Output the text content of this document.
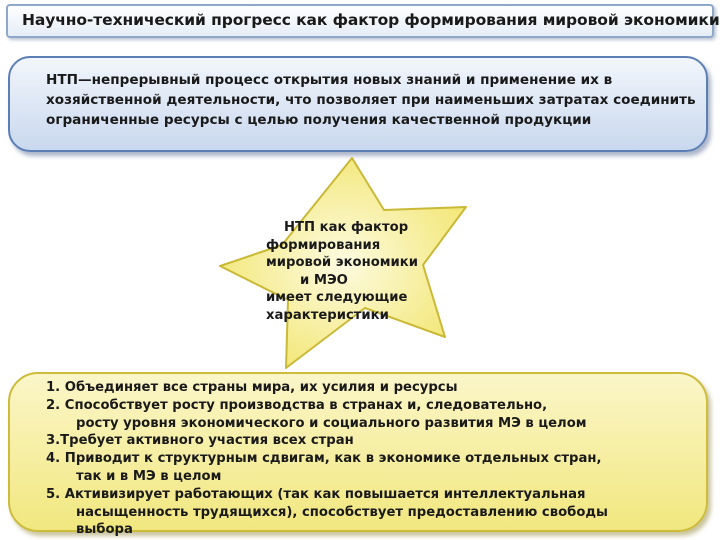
Научно-технический прогресс как фактор формирования мировой экономики
НТП—непрерывный процесс открытия новых знаний и применение их в хозяйственной деятельности, что позволяет при наименьших затратах соединить ограниченные ресурсы с целью получения качественной продукции
НТП как фактор
формирования
мировой экономики
и МЭО
имеет следующие
характеристики
1. Объединяет все страны мира, их усилия и ресурсы
2. Способствует росту производства в странах и, следовательно,
росту уровня экономического и социального развития МЭ в целом
3.Требует активного участия всех стран
4. Приводит к структурным сдвигам, как в экономике отдельных стран,
так и в МЭ в целом
5. Активизирует работающих (так как повышается интеллектуальная
насыщенность трудящихся), способствует предоставлению свободы
выбора
